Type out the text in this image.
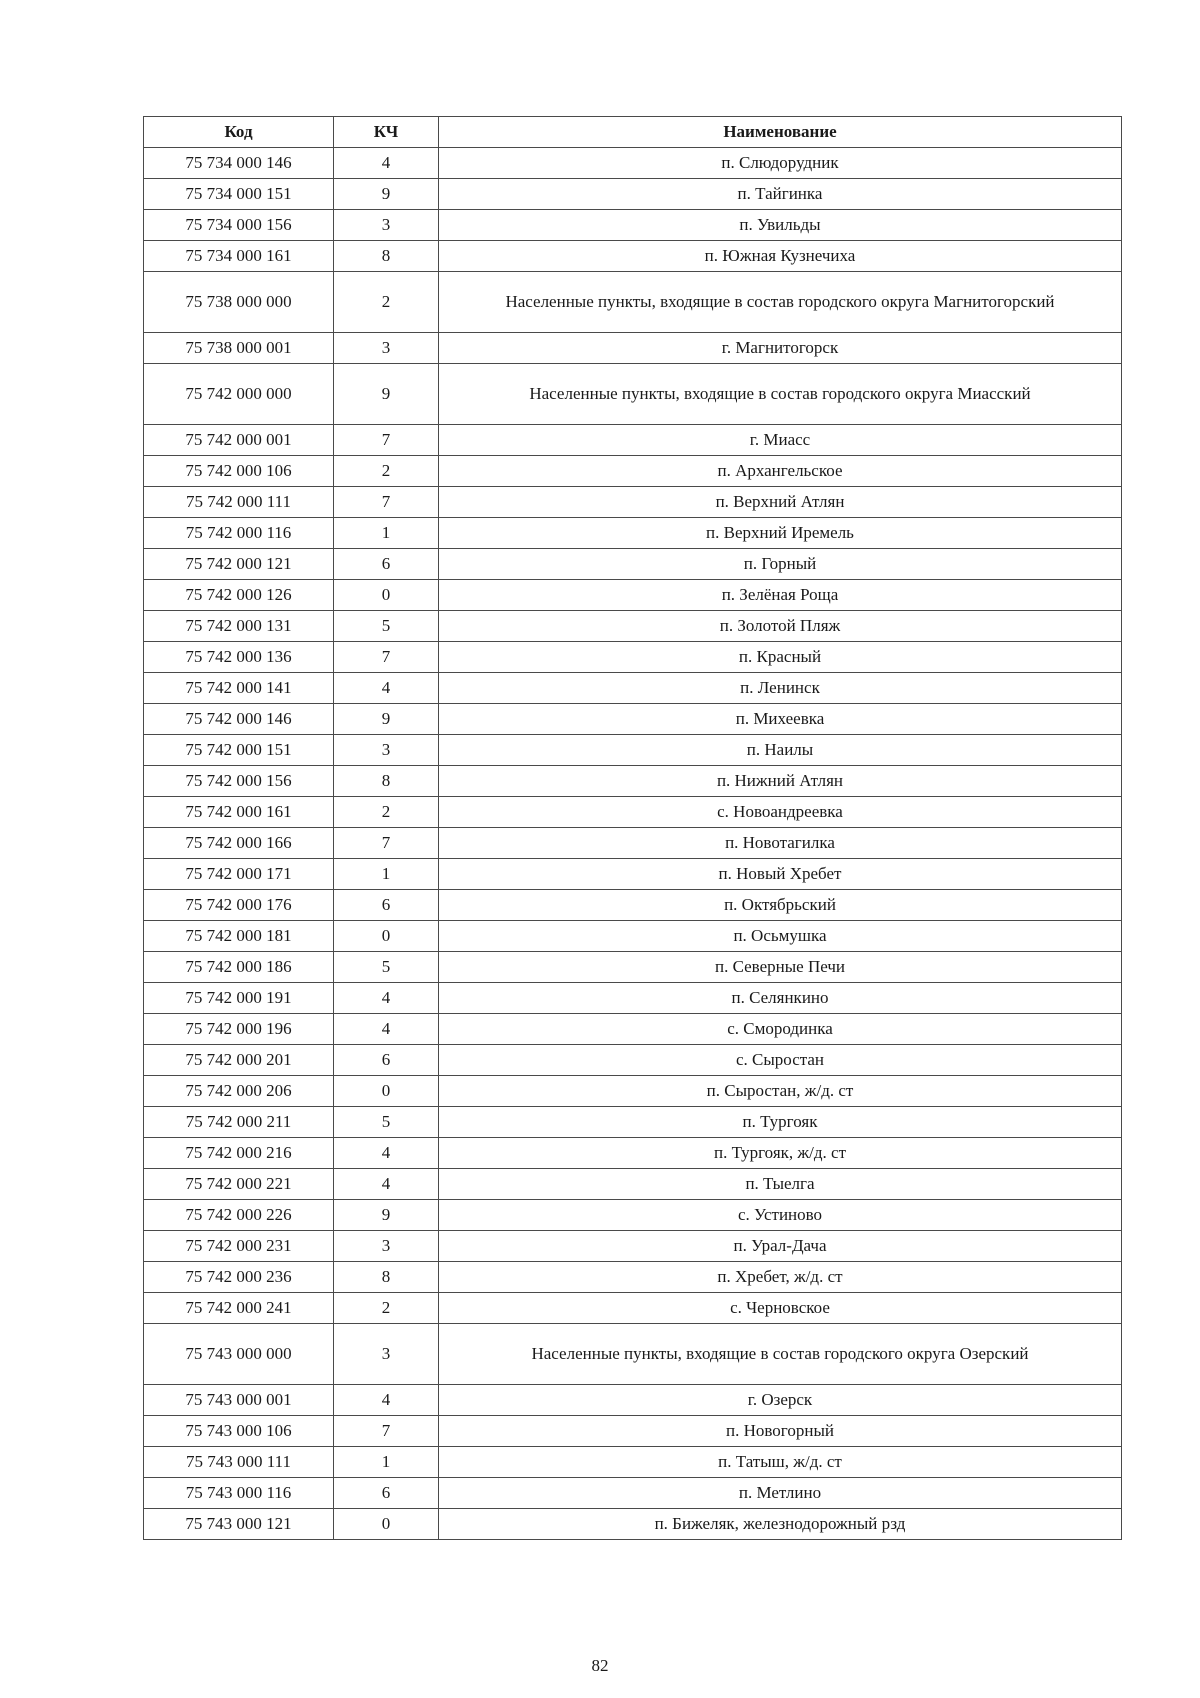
Код	КЧ	Наименование
75 734 000 146	4	п. Слюдорудник
75 734 000 151	9	п. Тайгинка
75 734 000 156	3	п. Увильды
75 734 000 161	8	п. Южная Кузнечиха
75 738 000 000	2	Населенные пункты, входящие в состав городского округа Магнитогорский
75 738 000 001	3	г. Магнитогорск
75 742 000 000	9	Населенные пункты, входящие в состав городского округа Миасский
75 742 000 001	7	г. Миасс
75 742 000 106	2	п. Архангельское
75 742 000 111	7	п. Верхний Атлян
75 742 000 116	1	п. Верхний Иремель
75 742 000 121	6	п. Горный
75 742 000 126	0	п. Зелёная Роща
75 742 000 131	5	п. Золотой Пляж
75 742 000 136	7	п. Красный
75 742 000 141	4	п. Ленинск
75 742 000 146	9	п. Михеевка
75 742 000 151	3	п. Наилы
75 742 000 156	8	п. Нижний Атлян
75 742 000 161	2	с. Новоандреевка
75 742 000 166	7	п. Новотагилка
75 742 000 171	1	п. Новый Хребет
75 742 000 176	6	п. Октябрьский
75 742 000 181	0	п. Осьмушка
75 742 000 186	5	п. Северные Печи
75 742 000 191	4	п. Селянкино
75 742 000 196	4	с. Смородинка
75 742 000 201	6	с. Сыростан
75 742 000 206	0	п. Сыростан, ж/д. ст
75 742 000 211	5	п. Тургояк
75 742 000 216	4	п. Тургояк, ж/д. ст
75 742 000 221	4	п. Тыелга
75 742 000 226	9	с. Устиново
75 742 000 231	3	п. Урал-Дача
75 742 000 236	8	п. Хребет, ж/д. ст
75 742 000 241	2	с. Черновское
75 743 000 000	3	Населенные пункты, входящие в состав городского округа Озерский
75 743 000 001	4	г. Озерск
75 743 000 106	7	п. Новогорный
75 743 000 111	1	п. Татыш, ж/д. ст
75 743 000 116	6	п. Метлино
75 743 000 121	0	п. Бижеляк, железнодорожный рзд
82
